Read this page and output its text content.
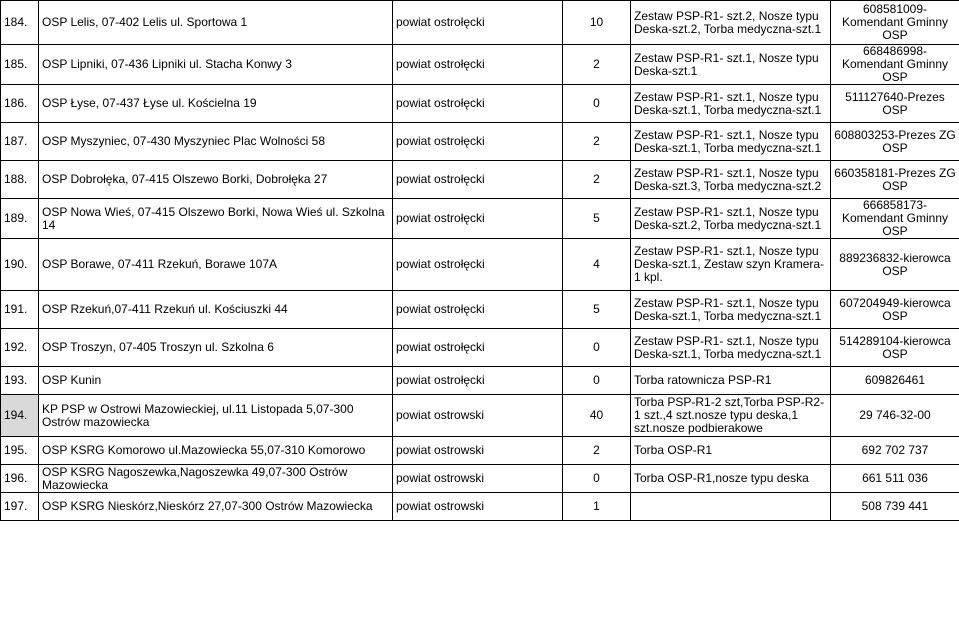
184.	OSP Lelis, 07-402 Lelis ul. Sportowa 1	powiat ostrołęcki	10	Zestaw PSP-R1- szt.2, Nosze typu Deska-szt.2, Torba medyczna-szt.1	608581009- Komendant Gminny OSP
185.	OSP Lipniki, 07-436 Lipniki ul. Stacha Konwy 3	powiat ostrołęcki	2	Zestaw PSP-R1- szt.1, Nosze typu Deska-szt.1	668486998- Komendant Gminny OSP
186.	OSP Łyse, 07-437 Łyse ul. Kościelna 19	powiat ostrołęcki	0	Zestaw PSP-R1- szt.1, Nosze typu Deska-szt.1, Torba medyczna-szt.1	511127640-Prezes OSP
187.	OSP Myszyniec, 07-430 Myszyniec Plac Wolności 58	powiat ostrołęcki	2	Zestaw PSP-R1- szt.1, Nosze typu Deska-szt.1, Torba medyczna-szt.1	608803253-Prezes ZG OSP
188.	OSP Dobrołęka, 07-415 Olszewo Borki, Dobrołęka 27	powiat ostrołęcki	2	Zestaw PSP-R1- szt.1, Nosze typu Deska-szt.3, Torba medyczna-szt.2	660358181-Prezes ZG OSP
189.	OSP Nowa Wieś, 07-415 Olszewo Borki, Nowa Wieś ul. Szkolna 14	powiat ostrołęcki	5	Zestaw PSP-R1- szt.1, Nosze typu Deska-szt.2, Torba medyczna-szt.1	666858173- Komendant Gminny OSP
190.	OSP Borawe, 07-411 Rzekuń, Borawe 107A	powiat ostrołęcki	4	Zestaw PSP-R1- szt.1, Nosze typu Deska-szt.1, Zestaw szyn Kramera-1 kpl.	889236832-kierowca OSP
191.	OSP Rzekuń,07-411 Rzekuń ul. Kościuszki 44	powiat ostrołęcki	5	Zestaw PSP-R1- szt.1, Nosze typu Deska-szt.1, Torba medyczna-szt.1	607204949-kierowca OSP
192.	OSP Troszyn, 07-405 Troszyn ul. Szkolna 6	powiat ostrołęcki	0	Zestaw PSP-R1- szt.1, Nosze typu Deska-szt.1, Torba medyczna-szt.1	514289104-kierowca OSP
193.	OSP Kunin	powiat ostrołęcki	0	Torba ratownicza PSP-R1	609826461
194.	KP PSP w Ostrowi Mazowieckiej, ul.11 Listopada 5,07-300 Ostrów mazowiecka	powiat ostrowski	40	Torba PSP-R1-2 szt,Torba PSP-R2- 1 szt.,4 szt.nosze typu deska,1 szt.nosze podbierakowe	29 746-32-00
195.	OSP KSRG Komorowo ul.Mazowiecka 55,07-310 Komorowo	powiat ostrowski	2	Torba OSP-R1	692 702 737
196.	OSP KSRG Nagoszewka,Nagoszewka 49,07-300 Ostrów Mazowiecka	powiat ostrowski	0	Torba OSP-R1,nosze typu deska	661 511 036
197.	OSP KSRG Nieskórz,Nieskórz 27,07-300 Ostrów Mazowiecka	powiat ostrowski	1		508 739 441
